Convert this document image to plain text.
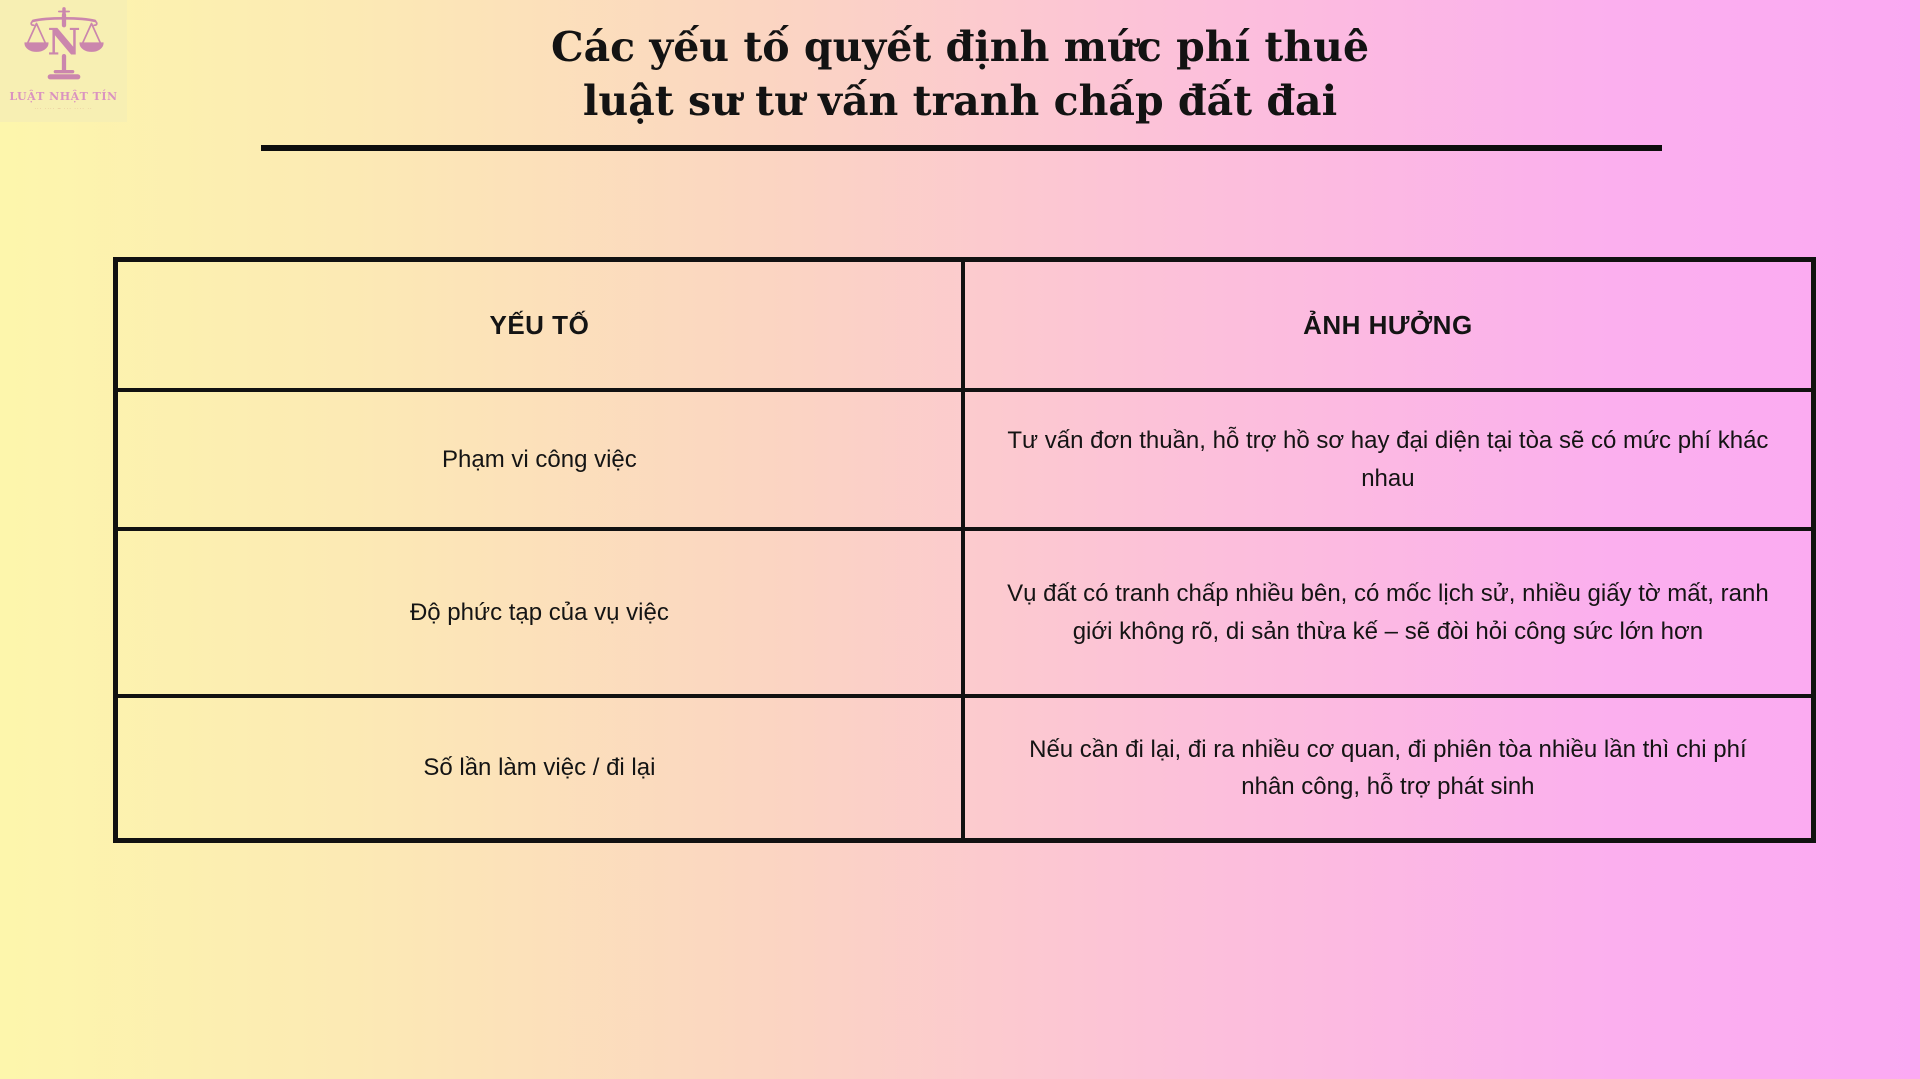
N
LUẬT NHẬT TÍN
··· ···· – ··· ···· ··
Các yếu tố quyết định mức phí thuê
luật sư tư vấn tranh chấp đất đai
YẾU TỐ	ẢNH HƯỞNG
Phạm vi công việc
Tư vấn đơn thuần, hỗ trợ hồ sơ hay đại diện tại tòa sẽ có mức phí khác nhau
Độ phức tạp của vụ việc
Vụ đất có tranh chấp nhiều bên, có mốc lịch sử, nhiều giấy tờ mất, ranh giới không rõ, di sản thừa kế – sẽ đòi hỏi công sức lớn hơn
Số lần làm việc / đi lại
Nếu cần đi lại, đi ra nhiều cơ quan, đi phiên tòa nhiều lần thì chi phí nhân công, hỗ trợ phát sinh
